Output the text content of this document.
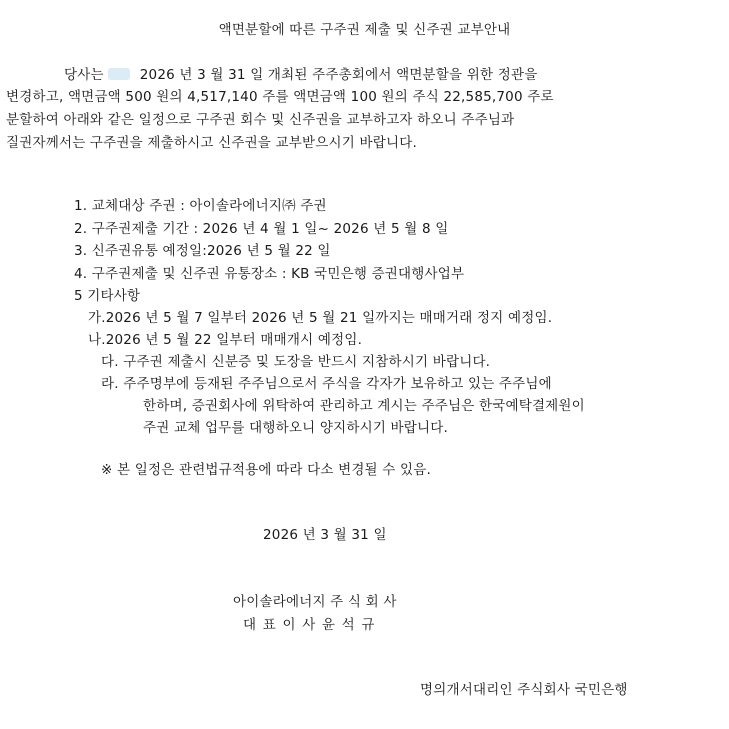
액면분할에 따른 구주권 제출 및 신주권 교부안내
당사는	2026 년 3 월 31 일 개최된 주주총회에서 액면분할을 위한 정관을
변경하고, 액면금액 500 원의 4,517,140 주를 액면금액 100 원의 주식 22,585,700 주로
분할하여 아래와 같은 일정으로 구주권 회수 및 신주권을 교부하고자 하오니 주주님과
질권자께서는 구주권을 제출하시고 신주권을 교부받으시기 바랍니다.
1. 교체대상 주권 : 아이솔라에너지㈜ 주권
2. 구주권제출 기간 : 2026 년 4 월 1 일~ 2026 년 5 월 8 일
3. 신주권유통 예정일:2026 년 5 월 22 일
4. 구주권제출 및 신주권 유통장소 : KB 국민은행 증권대행사업부
5 기타사항
가.2026 년 5 월 7 일부터 2026 년 5 월 21 일까지는 매매거래 정지 예정임.
나.2026 년 5 월 22 일부터 매매개시 예정임.
다. 구주권 제출시 신분증 및 도장을 반드시 지참하시기 바랍니다.
라. 주주명부에 등재된 주주님으로서 주식을 각자가 보유하고 있는 주주님에
한하며, 증권회사에 위탁하여 관리하고 계시는 주주님은 한국예탁결제원이
주권 교체 업무를 대행하오니 양지하시기 바랍니다.
※ 본 일정은 관련법규적용에 따라 다소 변경될 수 있음.
2026 년 3 월 31 일
아이솔라에너지 주 식 회 사
대 표 이 사 윤 석 규
명의개서대리인 주식회사 국민은행
